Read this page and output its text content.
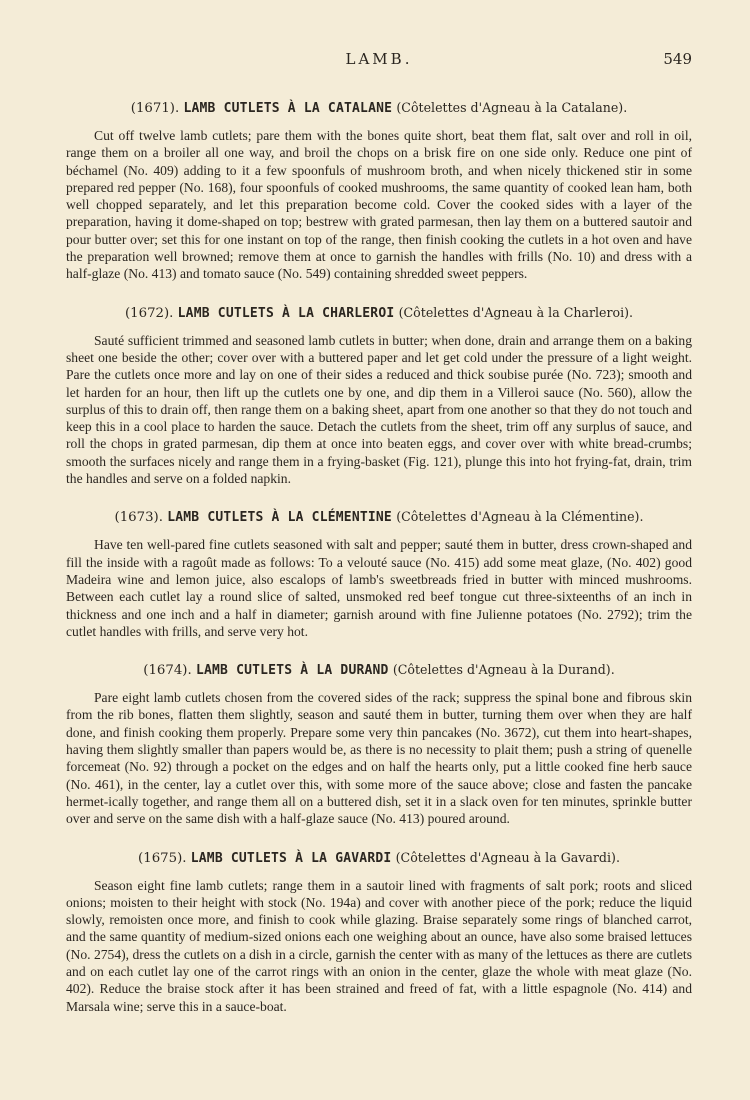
LAMB.	549

(1671). LAMB CUTLETS À LA CATALANE (Côtelettes d'Agneau à la Catalane).

Cut off twelve lamb cutlets; pare them with the bones quite short, beat them flat, salt over and roll in oil, range them on a broiler all one way, and broil the chops on a brisk fire on one side only. Reduce one pint of béchamel (No. 409) adding to it a few spoonfuls of mushroom broth, and when nicely thickened stir in some prepared red pepper (No. 168), four spoonfuls of cooked mushrooms, the same quantity of cooked lean ham, both well chopped separately, and let this preparation become cold. Cover the cooked sides with a layer of the preparation, having it dome-shaped on top; bestrew with grated parmesan, then lay them on a buttered sautoir and pour butter over; set this for one instant on top of the range, then finish cooking the cutlets in a hot oven and have the preparation well browned; remove them at once to garnish the handles with frills (No. 10) and dress with a half-glaze (No. 413) and tomato sauce (No. 549) containing shredded sweet peppers.

(1672). LAMB CUTLETS À LA CHARLEROI (Côtelettes d'Agneau à la Charleroi).

Sauté sufficient trimmed and seasoned lamb cutlets in butter; when done, drain and arrange them on a baking sheet one beside the other; cover over with a buttered paper and let get cold under the pressure of a light weight. Pare the cutlets once more and lay on one of their sides a reduced and thick soubise purée (No. 723); smooth and let harden for an hour, then lift up the cutlets one by one, and dip them in a Villeroi sauce (No. 560), allow the surplus of this to drain off, then range them on a baking sheet, apart from one another so that they do not touch and keep this in a cool place to harden the sauce. Detach the cutlets from the sheet, trim off any surplus of sauce, and roll the chops in grated parmesan, dip them at once into beaten eggs, and cover over with white bread-crumbs; smooth the surfaces nicely and range them in a frying-basket (Fig. 121), plunge this into hot frying-fat, drain, trim the handles and serve on a folded napkin.

(1673). LAMB CUTLETS À LA CLÉMENTINE (Côtelettes d'Agneau à la Clémentine).

Have ten well-pared fine cutlets seasoned with salt and pepper; sauté them in butter, dress crown-shaped and fill the inside with a ragoût made as follows: To a velouté sauce (No. 415) add some meat glaze, (No. 402) good Madeira wine and lemon juice, also escalops of lamb's sweetbreads fried in butter with minced mushrooms. Between each cutlet lay a round slice of salted, unsmoked red beef tongue cut three-sixteenths of an inch in thickness and one inch and a half in diameter; garnish around with fine Julienne potatoes (No. 2792); trim the cutlet handles with frills, and serve very hot.

(1674). LAMB CUTLETS À LA DURAND (Côtelettes d'Agneau à la Durand).

Pare eight lamb cutlets chosen from the covered sides of the rack; suppress the spinal bone and fibrous skin from the rib bones, flatten them slightly, season and sauté them in butter, turning them over when they are half done, and finish cooking them properly. Prepare some very thin pancakes (No. 3672), cut them into heart-shapes, having them slightly smaller than papers would be, as there is no necessity to plait them; push a string of quenelle forcemeat (No. 92) through a pocket on the edges and on half the hearts only, put a little cooked fine herb sauce (No. 461), in the center, lay a cutlet over this, with some more of the sauce above; close and fasten the pancake hermet-ically together, and range them all on a buttered dish, set it in a slack oven for ten minutes, sprinkle butter over and serve on the same dish with a half-glaze sauce (No. 413) poured around.

(1675). LAMB CUTLETS À LA GAVARDI (Côtelettes d'Agneau à la Gavardi).

Season eight fine lamb cutlets; range them in a sautoir lined with fragments of salt pork; roots and sliced onions; moisten to their height with stock (No. 194a) and cover with another piece of the pork; reduce the liquid slowly, remoisten once more, and finish to cook while glazing. Braise separately some rings of blanched carrot, and the same quantity of medium-sized onions each one weighing about an ounce, have also some braised lettuces (No. 2754), dress the cutlets on a dish in a circle, garnish the center with as many of the lettuces as there are cutlets and on each cutlet lay one of the carrot rings with an onion in the center, glaze the whole with meat glaze (No. 402). Reduce the braise stock after it has been strained and freed of fat, with a little espagnole (No. 414) and Marsala wine; serve this in a sauce-boat.
